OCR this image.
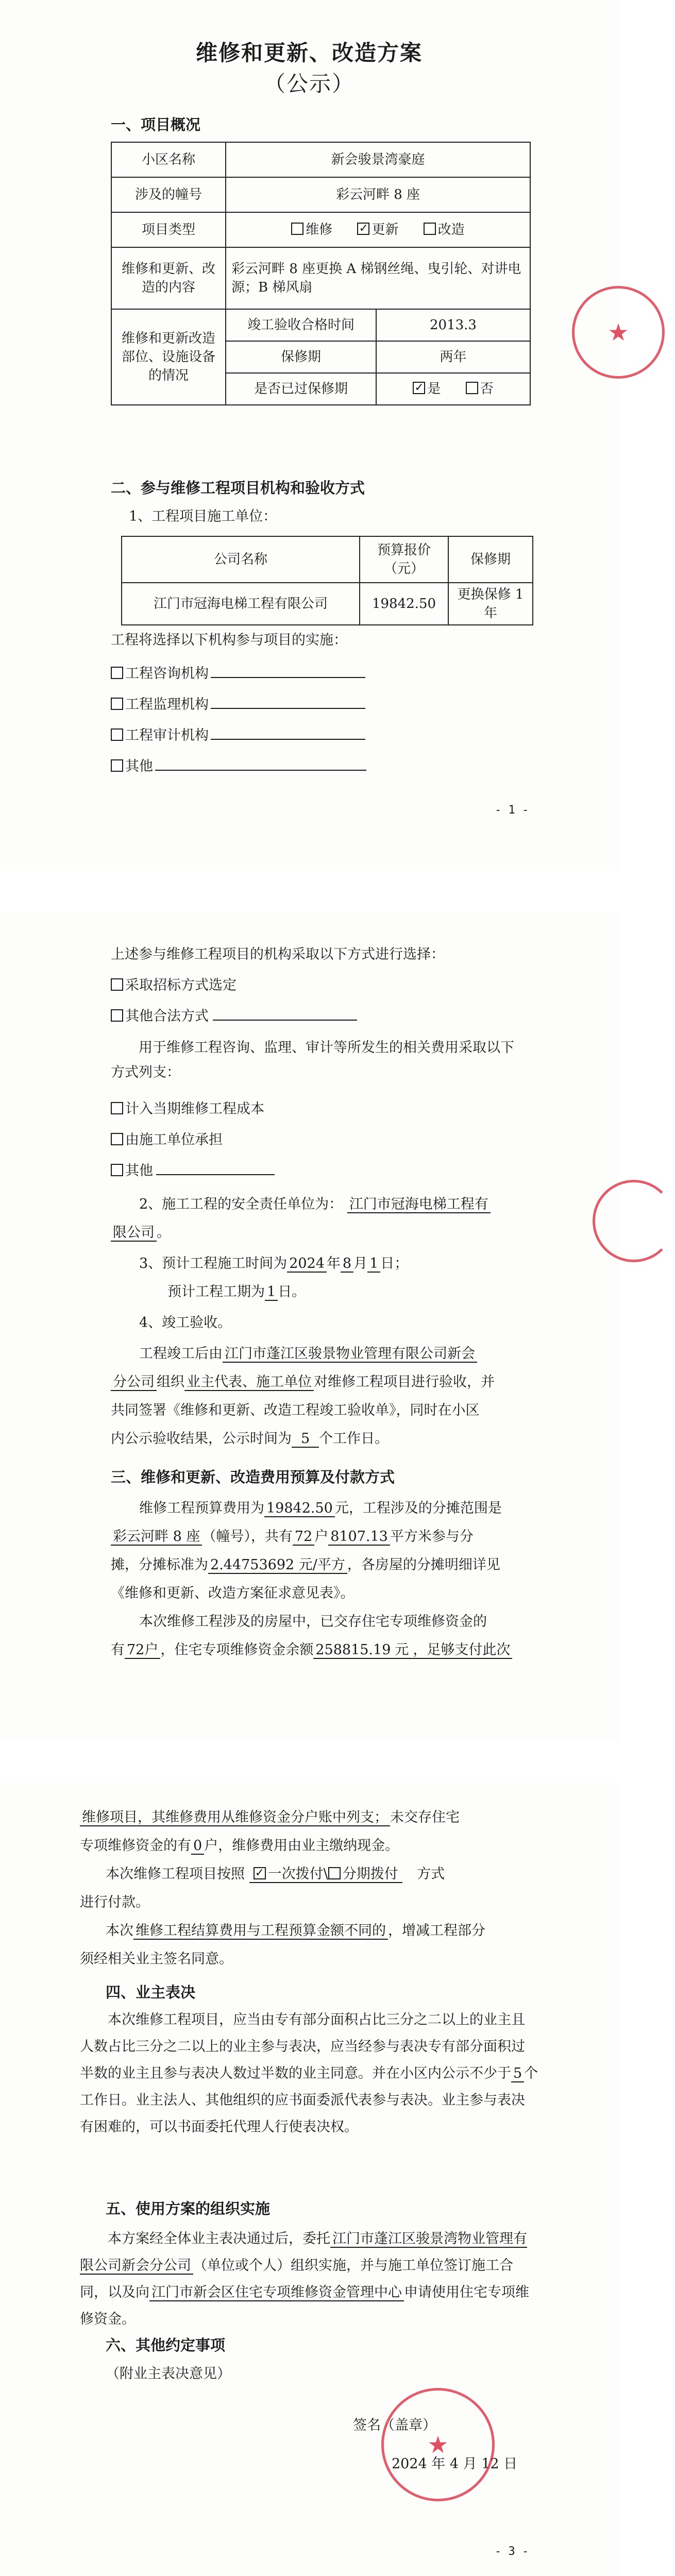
维修和更新、改造方案
（公示）
一、项目概况
小区名称	新会骏景湾豪庭	
涉及的幢号	彩云河畔 8 座	
项目类型	维修 ✓ 更新 改造
维修和更新、改造的内容	彩云河畔 8 座更换 A 梯钢丝绳、曳引轮、对讲电源；B 梯风扇	
维修和更新改造部位、设施设备的情况	竣工验收合格时间	2013.3
	保修期	两年
	是否已过保修期	✓是 否
二、参与维修工程项目机构和验收方式
1、工程项目施工单位：
公司名称	预算报价（元）	保修期
江门市冠海电梯工程有限公司	19842.50	更换保修 1 年
工程将选择以下机构参与项目的实施：
工程咨询机构
工程监理机构
工程审计机构
其他
- 1 -
★
上述参与维修工程项目的机构采取以下方式进行选择：
采取招标方式选定
其他合法方式
用于维修工程咨询、监理、审计等所发生的相关费用采取以下方式列支：
计入当期维修工程成本
由施工单位承担
其他
2、施工工程的安全责任单位为： 江门市冠海电梯工程有
限公司 。
3、预计工程施工时间为 2024 年 8 月 1 日；
预计工程工期为 1 日。
4、竣工验收。
工程竣工后由 江门市蓬江区骏景物业管理有限公司新会
分公司 组织 业主代表、施工单位 对维修工程项目进行验收，并
共同签署《维修和更新、改造工程竣工验收单》，同时在小区
内公示验收结果，公示时间为 5 个工作日。
三、维修和更新、改造费用预算及付款方式
维修工程预算费用为 19842.50 元，工程涉及的分摊范围是
彩云河畔 8 座 （幢号），共有 72 户 8107.13 平方米参与分
摊，分摊标准为 2.44753692 元/平方 ，各房屋的分摊明细详见
《维修和更新、改造方案征求意见表》。
本次维修工程涉及的房屋中，已交存住宅专项维修资金的
有 72户 ，住宅专项维修资金余额 258815.19 元 ，足够支付此次
维修项目，其维修费用从维修资金分户账中列支； 未交存住宅
专项维修资金的有 0 户，维修费用由业主缴纳现金。
本次维修工程项目按照 ✓ 一次拨付\ 分期拨付 方式
进行付款。
本次 维修工程结算费用与工程预算金额不同的 ，增减工程部分
须经相关业主签名同意。
四、业主表决
本次维修工程项目，应当由专有部分面积占比三分之二以上的业主且人数占比三分之二以上的业主参与表决，应当经参与表决专有部分面积过半数的业主且参与表决人数过半数的业主同意。并在小区内公示不少于 5 个工作日。业主法人、其他组织的应书面委派代表参与表决。业主参与表决有困难的，可以书面委托代理人行使表决权。
五、使用方案的组织实施
本方案经全体业主表决通过后，委托 江门市蓬江区骏景湾物业管理有限公司新会分公司 （单位或个人）组织实施，并与施工单位签订施工合同，以及向 江门市新会区住宅专项维修资金管理中心 申请使用住宅专项维修资金。
六、其他约定事项
（附业主表决意见）
签名（盖章）
2024 年 4 月 12 日
- 3 -
★
